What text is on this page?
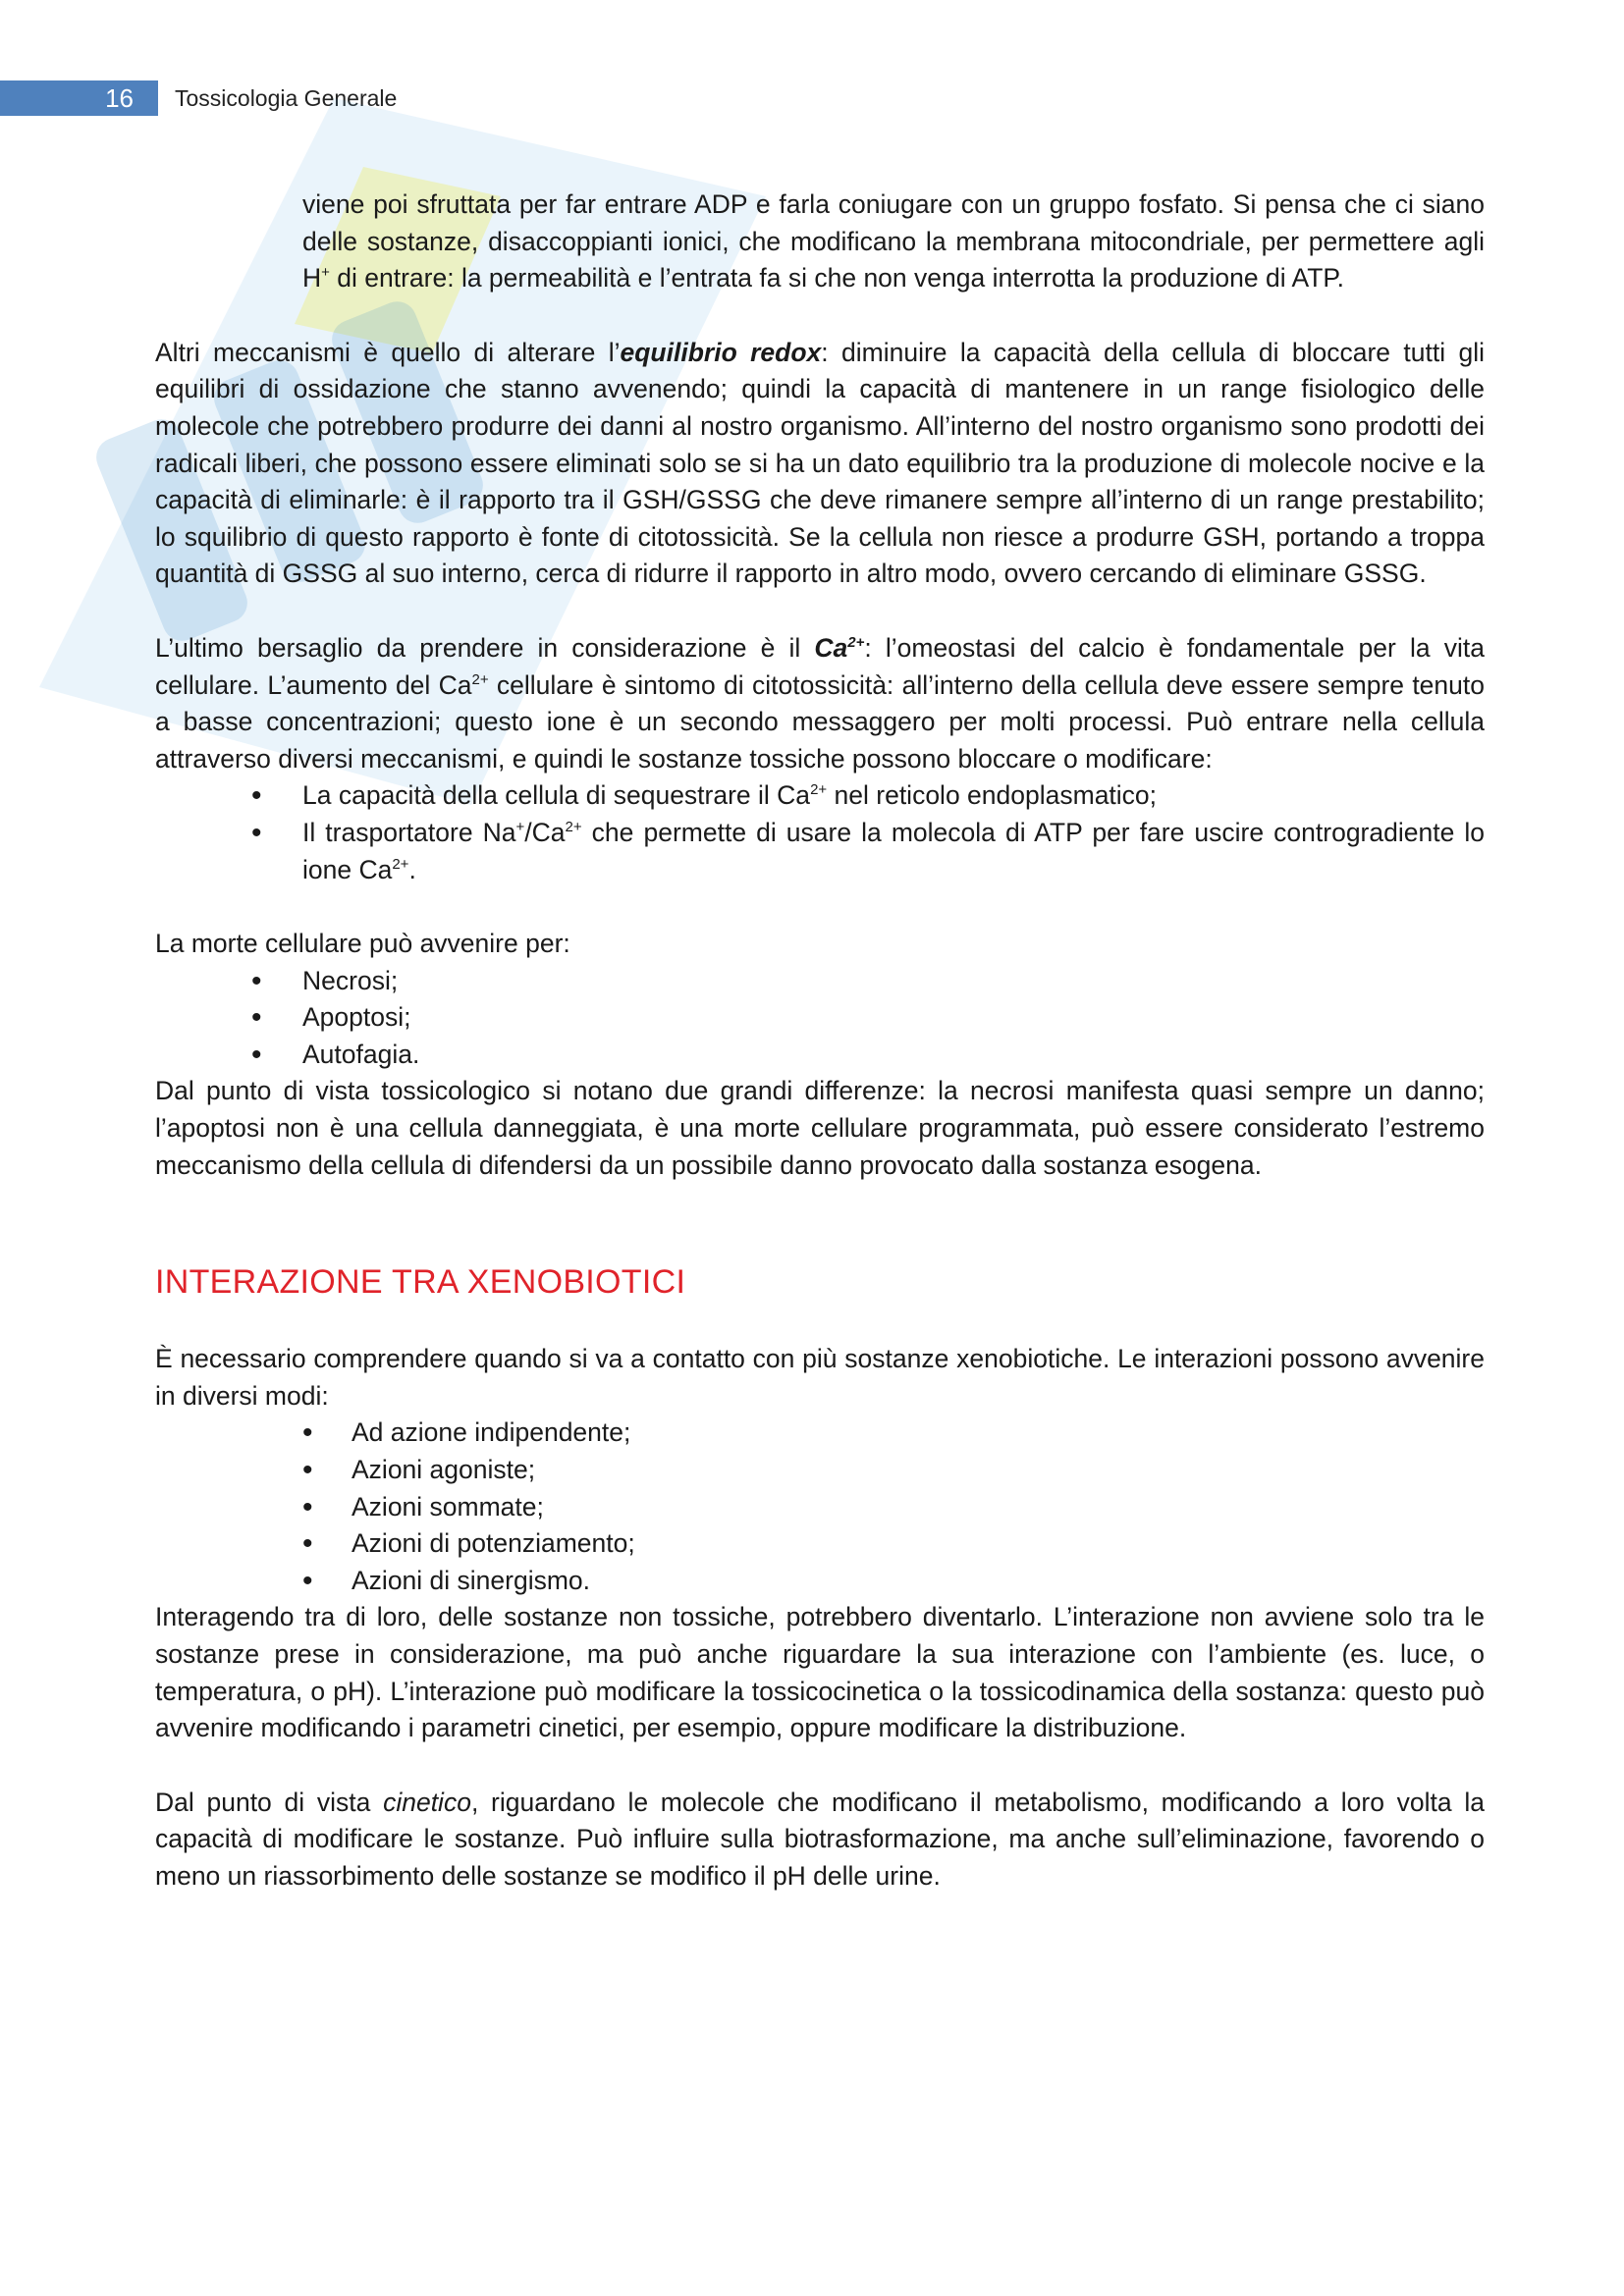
16	Tossicologia Generale

viene poi sfruttata per far entrare ADP e farla coniugare con un gruppo fosfato. Si pensa che ci siano delle sostanze, disaccoppianti ionici, che modificano la membrana mitocondriale, per permettere agli H+ di entrare: la permeabilità e l’entrata fa si che non venga interrotta la produzione di ATP.

Altri meccanismi è quello di alterare l’equilibrio redox: diminuire la capacità della cellula di bloccare tutti gli equilibri di ossidazione che stanno avvenendo; quindi la capacità di mantenere in un range fisiologico delle molecole che potrebbero produrre dei danni al nostro organismo. All’interno del nostro organismo sono prodotti dei radicali liberi, che possono essere eliminati solo se si ha un dato equilibrio tra la produzione di molecole nocive e la capacità di eliminarle: è il rapporto tra il GSH/GSSG che deve rimanere sempre all’interno di un range prestabilito; lo squilibrio di questo rapporto è fonte di citotossicità. Se la cellula non riesce a produrre GSH, portando a troppa quantità di GSSG al suo interno, cerca di ridurre il rapporto in altro modo, ovvero cercando di eliminare GSSG.

L’ultimo bersaglio da prendere in considerazione è il $Ca^{2+}$: l’omeostasi del calcio è fondamentale per la vita cellulare. L’aumento del $Ca^{2+}$ cellulare è sintomo di citotossicità: all’interno della cellula deve essere sempre tenuto a basse concentrazioni; questo ione è un secondo messaggero per molti processi. Può entrare nella cellula attraverso diversi meccanismi, e quindi le sostanze tossiche possono bloccare o modificare:

• La capacità della cellula di sequestrare il $Ca^{2+}$ nel reticolo endoplasmatico;
• Il trasportatore $Na^+/Ca^{2+}$ che permette di usare la molecola di ATP per fare uscire controgradiente lo ione $Ca^{2+}$.

La morte cellulare può avvenire per:

• Necrosi;
• Apoptosi;
• Autofagia.

Dal punto di vista tossicologico si notano due grandi differenze: la necrosi manifesta quasi sempre un danno; l’apoptosi non è una cellula danneggiata, è una morte cellulare programmata, può essere considerato l’estremo meccanismo della cellula di difendersi da un possibile danno provocato dalla sostanza esogena.

INTERAZIONE TRA XENOBIOTICI

È necessario comprendere quando si va a contatto con più sostanze xenobiotiche. Le interazioni possono avvenire in diversi modi:

• Ad azione indipendente;
• Azioni agoniste;
• Azioni sommate;
• Azioni di potenziamento;
• Azioni di sinergismo.

Interagendo tra di loro, delle sostanze non tossiche, potrebbero diventarlo. L’interazione non avviene solo tra le sostanze prese in considerazione, ma può anche riguardare la sua interazione con l’ambiente (es. luce, o temperatura, o pH). L’interazione può modificare la tossicocinetica o la tossicodinamica della sostanza: questo può avvenire modificando i parametri cinetici, per esempio, oppure modificare la distribuzione.

Dal punto di vista cinetico, riguardano le molecole che modificano il metabolismo, modificando a loro volta la capacità di modificare le sostanze. Può influire sulla biotrasformazione, ma anche sull’eliminazione, favorendo o meno un riassorbimento delle sostanze se modifico il pH delle urine.
